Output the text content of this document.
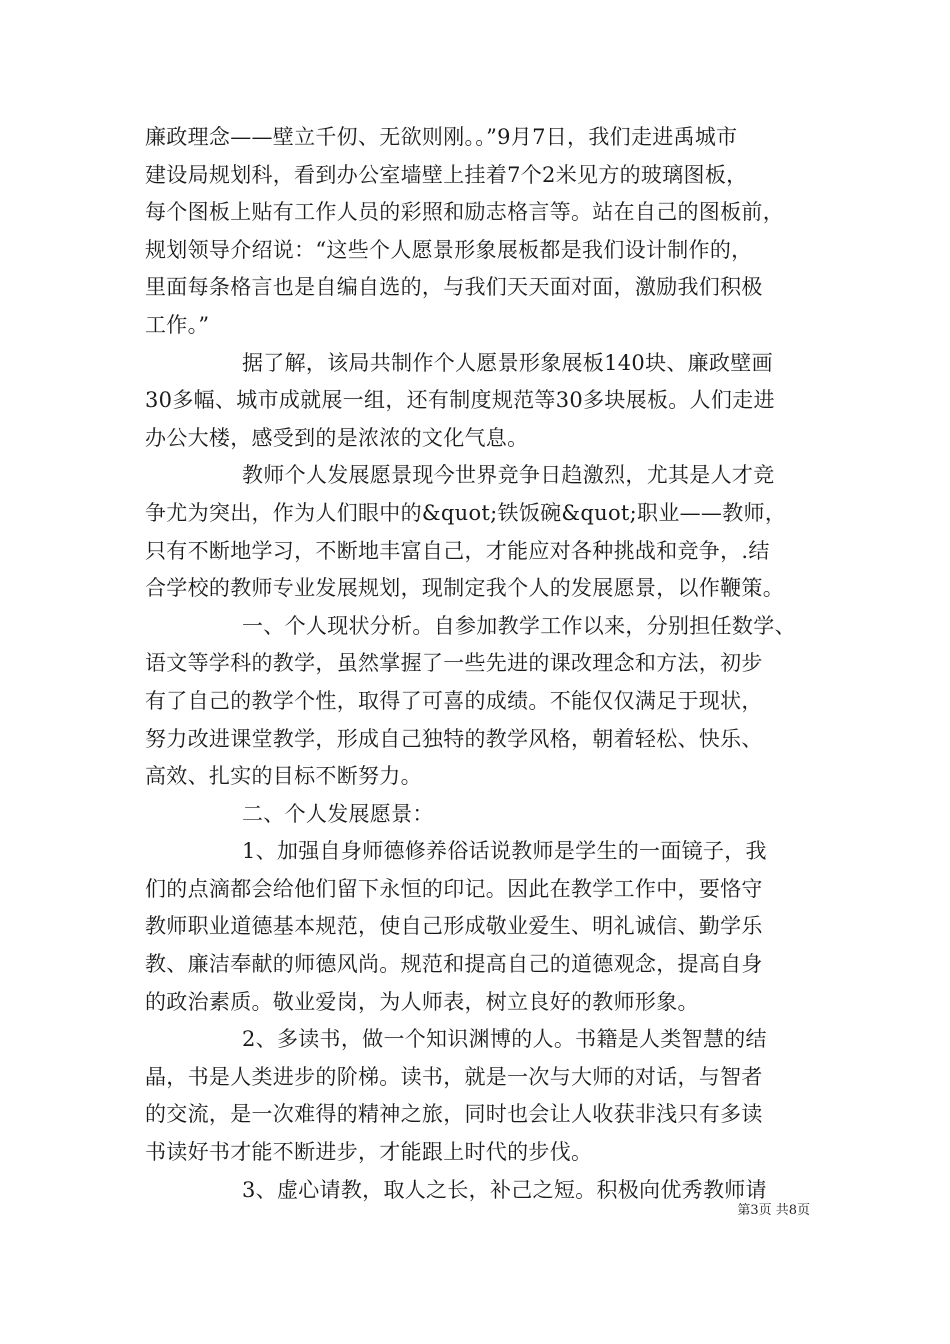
廉政理念——壁立千仞、无欲则刚。。”9月7日，我们走进禹城市
建设局规划科，看到办公室墙壁上挂着7个2米见方的玻璃图板，
每个图板上贴有工作人员的彩照和励志格言等。站在自己的图板前，
规划领导介绍说：“这些个人愿景形象展板都是我们设计制作的，
里面每条格言也是自编自选的，与我们天天面对面，激励我们积极
工作。”
据了解，该局共制作个人愿景形象展板140块、廉政壁画
30多幅、城市成就展一组，还有制度规范等30多块展板。人们走进
办公大楼，感受到的是浓浓的文化气息。
教师个人发展愿景现今世界竞争日趋激烈，尤其是人才竞
争尤为突出，作为人们眼中的&quot;铁饭碗&quot;职业——教师，
只有不断地学习，不断地丰富自己，才能应对各种挑战和竞争，.结
合学校的教师专业发展规划，现制定我个人的发展愿景，以作鞭策。
一、个人现状分析。自参加教学工作以来，分别担任数学、
语文等学科的教学，虽然掌握了一些先进的课改理念和方法，初步
有了自己的教学个性，取得了可喜的成绩。不能仅仅满足于现状，
努力改进课堂教学，形成自己独特的教学风格，朝着轻松、快乐、
高效、扎实的目标不断努力。
二、个人发展愿景：
1、加强自身师德修养俗话说教师是学生的一面镜子，我
们的点滴都会给他们留下永恒的印记。因此在教学工作中，要恪守
教师职业道德基本规范，使自己形成敬业爱生、明礼诚信、勤学乐
教、廉洁奉献的师德风尚。规范和提高自己的道德观念，提高自身
的政治素质。敬业爱岗，为人师表，树立良好的教师形象。
2、多读书，做一个知识渊博的人。书籍是人类智慧的结
晶，书是人类进步的阶梯。读书，就是一次与大师的对话，与智者
的交流，是一次难得的精神之旅，同时也会让人收获非浅只有多读
书读好书才能不断进步，才能跟上时代的步伐。
3、虚心请教，取人之长，补己之短。积极向优秀教师请
第3页 共8页
